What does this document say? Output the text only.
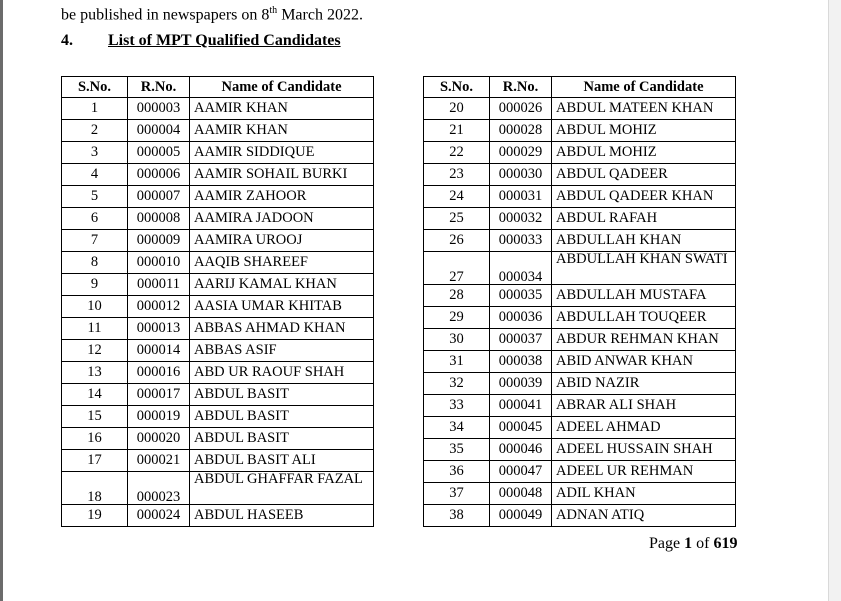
be published in newspapers on 8th March 2022.
4. List of MPT Qualified Candidates
S.No.	R.No.	Name of Candidate
1	000003	AAMIR KHAN
2	000004	AAMIR KHAN
3	000005	AAMIR SIDDIQUE
4	000006	AAMIR SOHAIL BURKI
5	000007	AAMIR ZAHOOR
6	000008	AAMIRA JADOON
7	000009	AAMIRA UROOJ
8	000010	AAQIB SHAREEF
9	000011	AARIJ KAMAL KHAN
10	000012	AASIA UMAR KHITAB
11	000013	ABBAS AHMAD KHAN
12	000014	ABBAS ASIF
13	000016	ABD UR RAOUF SHAH
14	000017	ABDUL BASIT
15	000019	ABDUL BASIT
16	000020	ABDUL BASIT
17	000021	ABDUL BASIT ALI
18	000023	ABDUL GHAFFAR FAZAL
19	000024	ABDUL HASEEB
S.No.	R.No.	Name of Candidate
20	000026	ABDUL MATEEN KHAN
21	000028	ABDUL MOHIZ
22	000029	ABDUL MOHIZ
23	000030	ABDUL QADEER
24	000031	ABDUL QADEER KHAN
25	000032	ABDUL RAFAH
26	000033	ABDULLAH KHAN
27	000034	ABDULLAH KHAN SWATI
28	000035	ABDULLAH MUSTAFA
29	000036	ABDULLAH TOUQEER
30	000037	ABDUR REHMAN KHAN
31	000038	ABID ANWAR KHAN
32	000039	ABID NAZIR
33	000041	ABRAR ALI SHAH
34	000045	ADEEL AHMAD
35	000046	ADEEL HUSSAIN SHAH
36	000047	ADEEL UR REHMAN
37	000048	ADIL KHAN
38	000049	ADNAN ATIQ
Page 1 of 619
